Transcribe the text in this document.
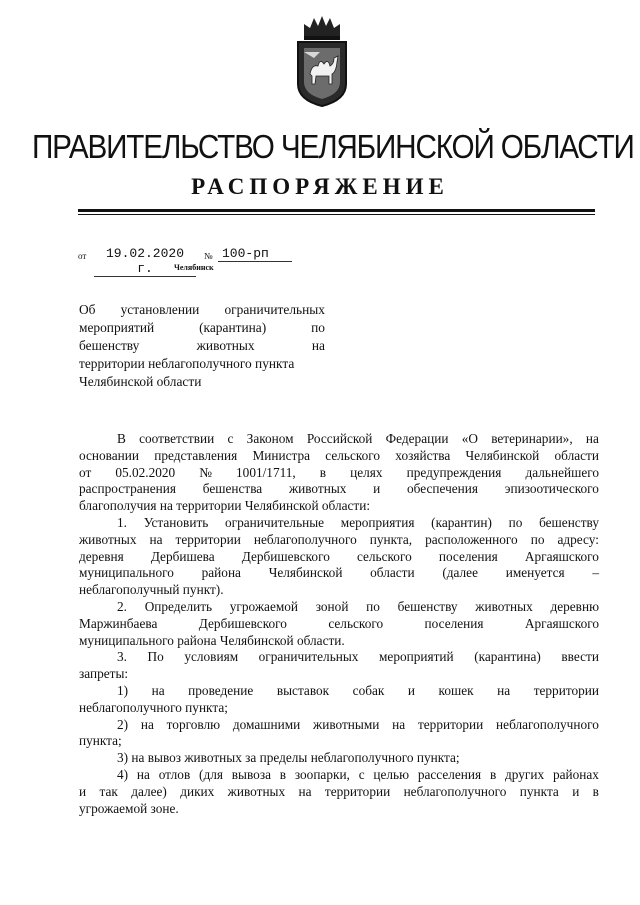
ПРАВИТЕЛЬСТВО ЧЕЛЯБИНСКОЙ ОБЛАСТИ
РАСПОРЯЖЕНИЕ
от	19.02.2020 г.
№ 100-рп
Челябинск
Об установлении ограничительных
мероприятий	(карантина)	по
бешенству	животных	на
территории неблагополучного пункта
Челябинской области
В соответствии с Законом Российской Федерации «О ветеринарии», на
основании представления Министра сельского хозяйства Челябинской области
от 05.02.2020 № 1001/1711, в целях предупреждения дальнейшего
распространения бешенства животных и обеспечения эпизоотического
благополучия на территории Челябинской области:
1. Установить ограничительные мероприятия (карантин) по бешенству
животных на территории неблагополучного пункта, расположенного по адресу:
деревня Дербишева Дербишевского сельского поселения Аргаяшского
муниципального района Челябинской области (далее именуется –
неблагополучный пункт).
2. Определить угрожаемой зоной по бешенству животных деревню
Маржинбаева	Дербишевского	сельского	поселения	Аргаяшского
муниципального района Челябинской области.
3. По условиям ограничительных мероприятий (карантина) ввести
запреты:
1) на проведение выставок собак и кошек на территории
неблагополучного пункта;
2) на торговлю домашними животными на территории неблагополучного
пункта;
3) на вывоз животных за пределы неблагополучного пункта;
4) на отлов (для вывоза в зоопарки, с целью расселения в других районах
и так далее) диких животных на территории неблагополучного пункта и в
угрожаемой зоне.
